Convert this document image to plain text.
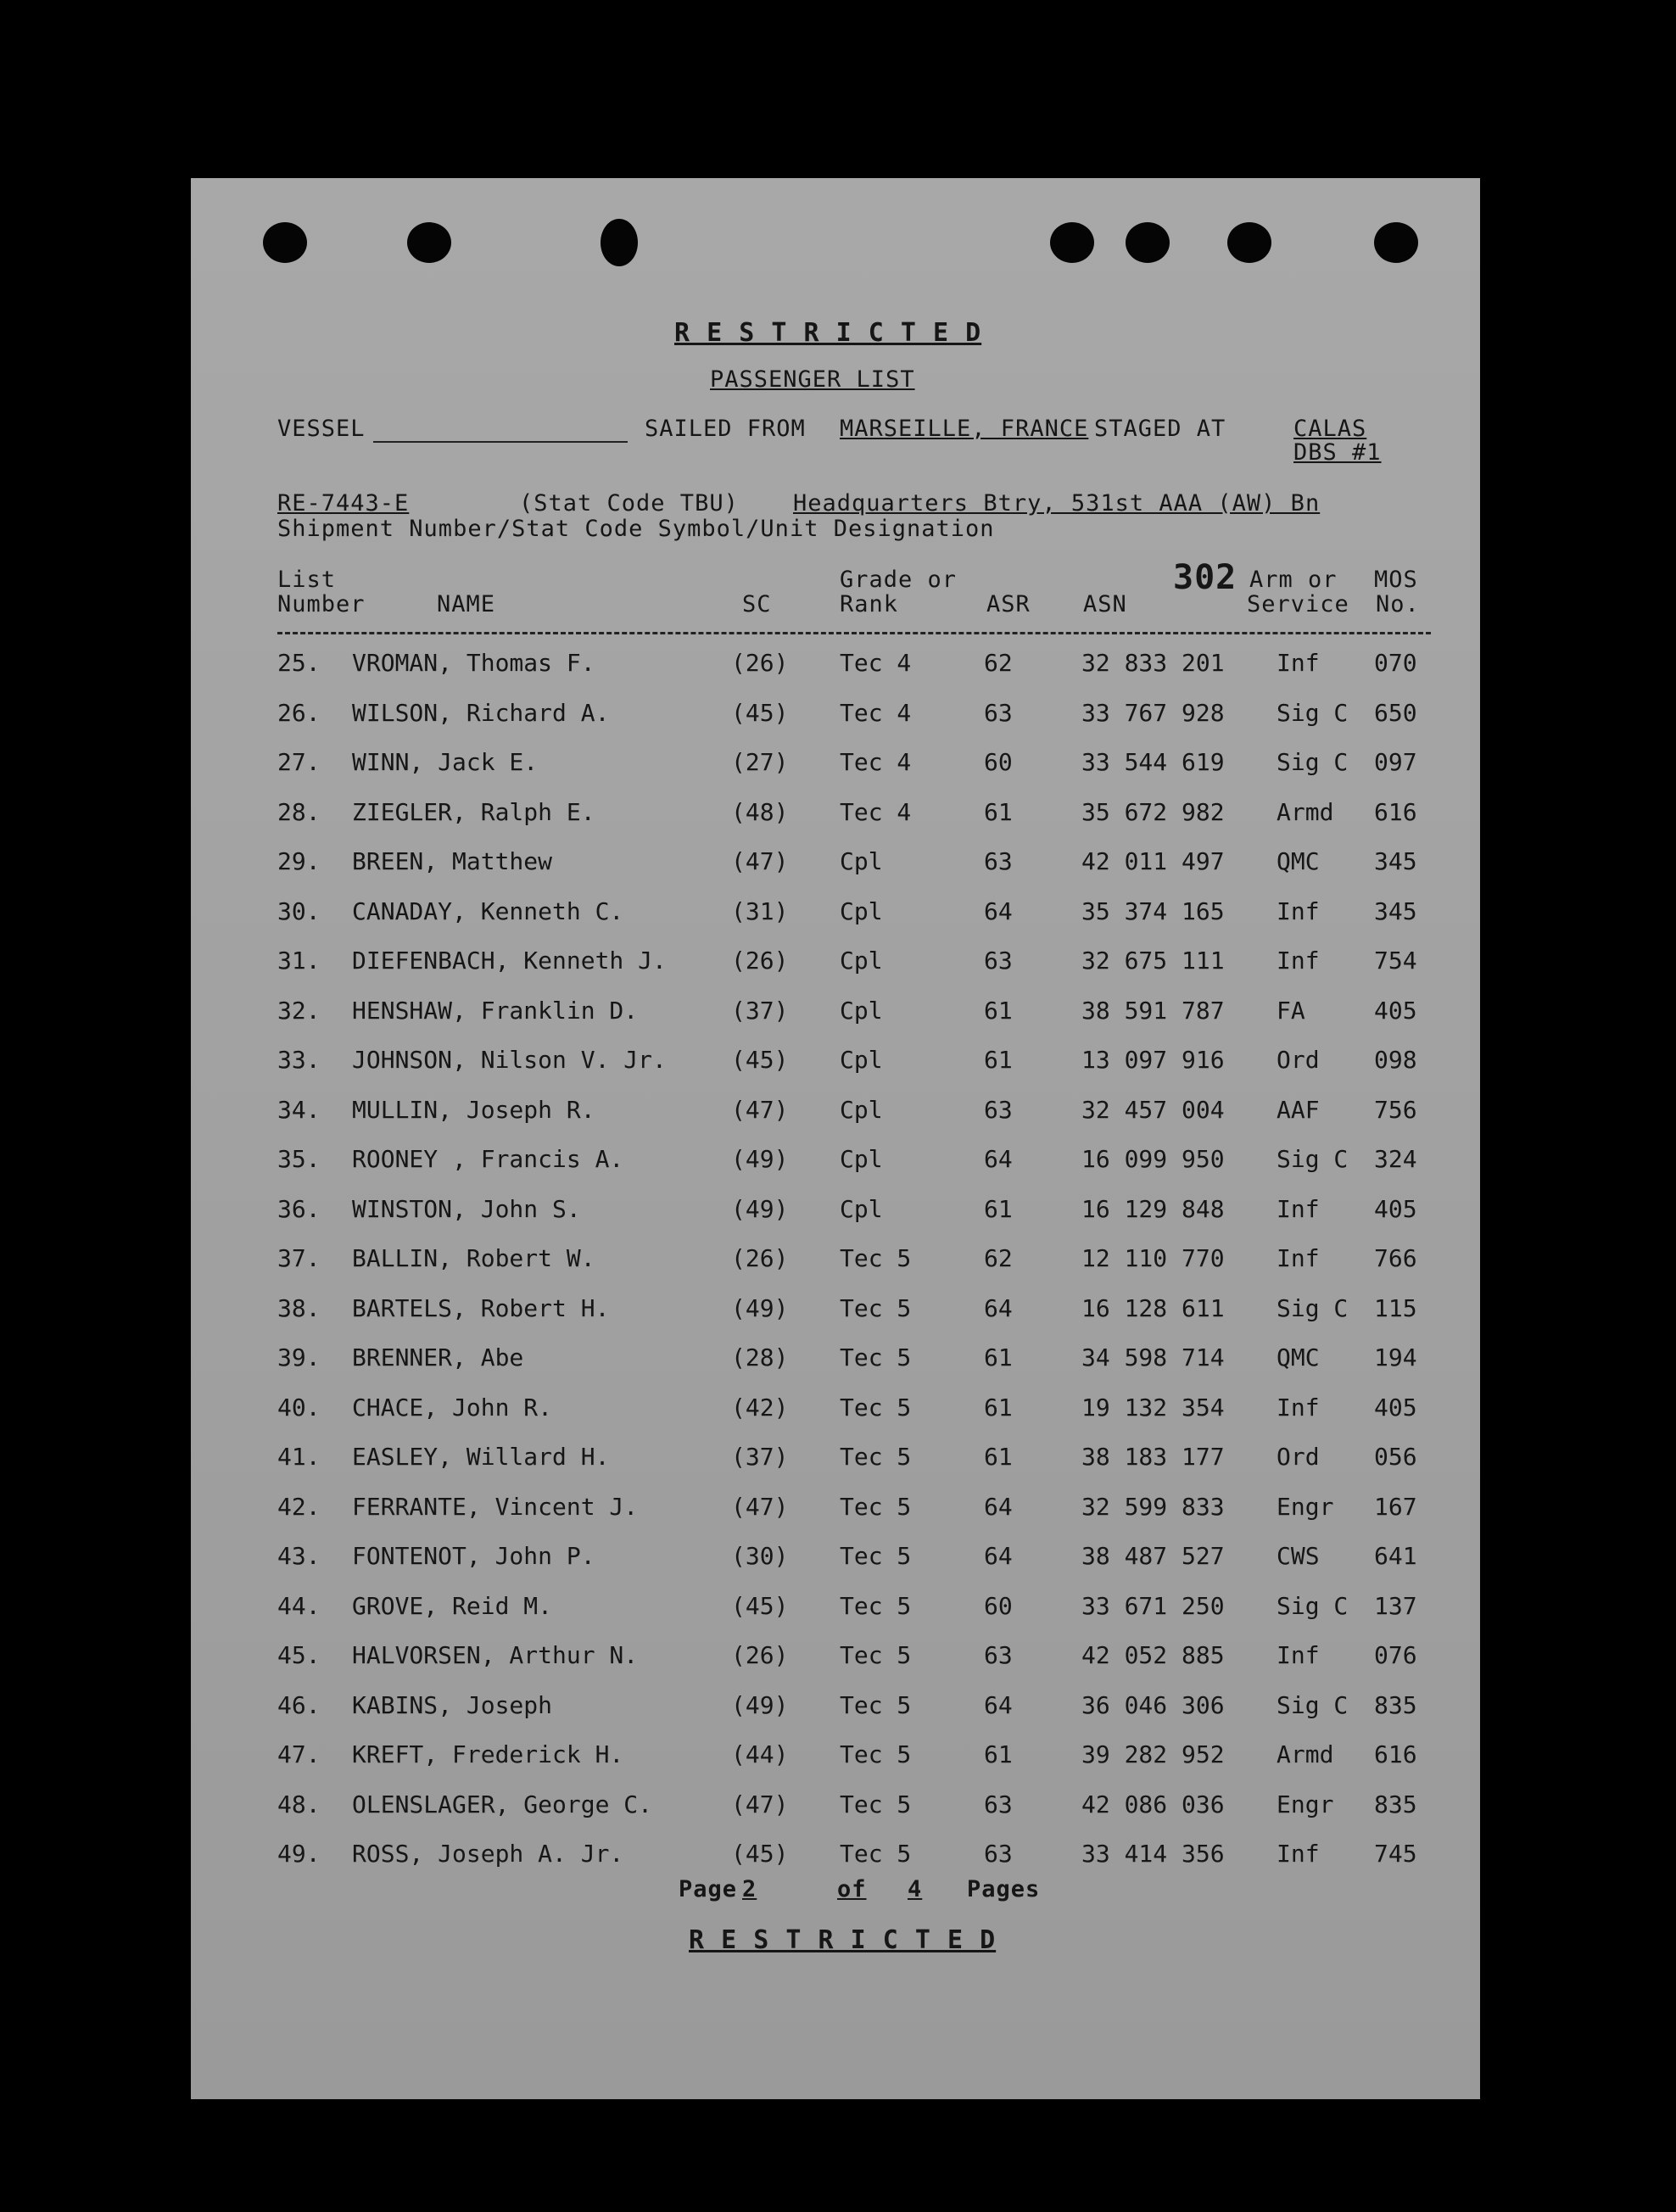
R E S T R I C T E D
PASSENGER LIST
VESSEL	SAILED FROM MARSEILLE, FRANCE STAGED AT	CALAS
DBS #1
RE-7443-E	(Stat Code TBU) Headquarters Btry, 531st AAA (AW) Bn
Shipment Number/Stat Code Symbol/Unit Designation
List
Number	NAME	SC
Grade or
Rank	ASR ASN
302 Arm or
Service
MOS
No.
25. VROMAN, Thomas F.	(26) Tec 4	62	32 833 201 Inf 070
26. WILSON, Richard A.	(45) Tec 4	63	33 767 928 Sig C 650
27. WINN, Jack E.	(27) Tec 4	60	33 544 619 Sig C 097
28. ZIEGLER, Ralph E.	(48) Tec 4	61	35 672 982 Armd 616
29. BREEN, Matthew	(47) Cpl	63	42 011 497 QMC 345
30. CANADAY, Kenneth C.	(31) Cpl	64	35 374 165 Inf 345
31. DIEFENBACH, Kenneth J.	(26) Cpl	63	32 675 111 Inf 754
32. HENSHAW, Franklin D.	(37) Cpl	61	38 591 787 FA	405
33. JOHNSON, Nilson V. Jr.	(45) Cpl	61	13 097 916 Ord 098
34. MULLIN, Joseph R.	(47) Cpl	63	32 457 004 AAF 756
35. ROONEY , Francis A.	(49) Cpl	64	16 099 950 Sig C 324
36. WINSTON, John S.	(49) Cpl	61	16 129 848 Inf 405
37. BALLIN, Robert W.	(26) Tec 5	62	12 110 770 Inf 766
38. BARTELS, Robert H.	(49) Tec 5	64	16 128 611 Sig C 115
39. BRENNER, Abe	(28) Tec 5	61	34 598 714 QMC 194
40. CHACE, John R.	(42) Tec 5	61	19 132 354 Inf 405
41. EASLEY, Willard H.	(37) Tec 5	61	38 183 177 Ord 056
42. FERRANTE, Vincent J.	(47) Tec 5	64	32 599 833 Engr 167
43. FONTENOT, John P.	(30) Tec 5	64	38 487 527 CWS 641
44. GROVE, Reid M.	(45) Tec 5	60	33 671 250 Sig C 137
45. HALVORSEN, Arthur N.	(26) Tec 5	63	42 052 885 Inf 076
46. KABINS, Joseph	(49) Tec 5	64	36 046 306 Sig C 835
47. KREFT, Frederick H.	(44) Tec 5	61	39 282 952 Armd 616
48. OLENSLAGER, George C.	(47) Tec 5	63	42 086 036 Engr 835
49. ROSS, Joseph A. Jr.	(45) Tec 5	63	33 414 356 Inf 745
Page 2	of 4 Pages
R E S T R I C T E D
